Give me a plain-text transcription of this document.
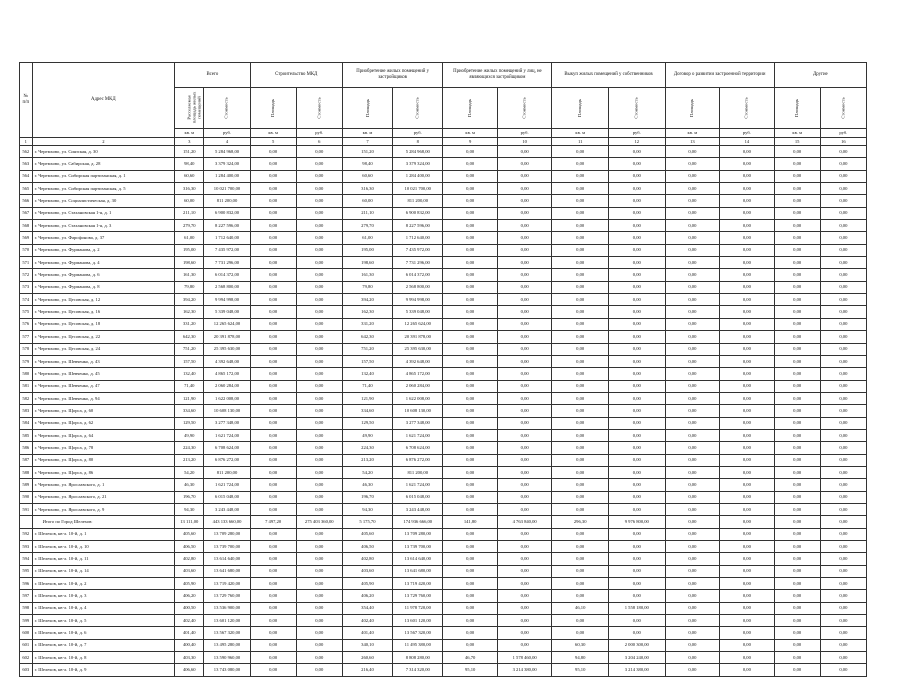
№ п/п	Адрес МКД	Всего		Строительство МКД		Приобретение жилых помещений у застройщиков		Приобретение жилых помещений у лиц, не являющихся застройщиком		Выкуп жилых помещений у собственников		Договор о развитии застроенной территории		Другие	
		Расселяемая площадь жилых помещений	Стоимость	Площадь	Стоимость	Площадь	Стоимость	Площадь	Стоимость	Площадь	Стоимость	Площадь	Стоимость	Площадь	Стоимость
		кв. м	руб.	кв. м	руб.	кв. м	руб.	кв. м	руб.	кв. м	руб.	кв. м	руб.	кв. м	руб.
1	2	3	4	5	6	7	8	9	10	11	12	13	14	15	16
562	г. Черемхово, ул. Сиязская, д. 30	151,20	5 284 968,00	0,00	0,00	151,20	5 284 968,00	0,00	0,00	0,00	0,00	0,00	0,00	0,00	0,00
563	г. Черемхово, ул. Сабирская, д. 28	98,40	3 379 324,00	0,00	0,00	98,40	3 379 324,00	0,00	0,00	0,00	0,00	0,00	0,00	0,00	0,00
564	г. Черемхово, ул. Сибирская партизанская, д. 1	60,60	1 284 400,00	0,00	0,00	60,60	1 284 400,00	0,00	0,00	0,00	0,00	0,00	0,00	0,00	0,00
565	г. Черемхово, ул. Сибирская партизанская, д. 5	316,30	10 021 700,00	0,00	0,00	316,30	10 021 700,00	0,00	0,00	0,00	0,00	0,00	0,00	0,00	0,00
566	г. Черемхово, ул. Социалистическая, д. 30	60,00	811 200,00	0,00	0,00	60,00	811 200,00	0,00	0,00	0,00	0,00	0,00	0,00	0,00	0,00
567	г. Черемхово, ул. Стахановская 1-я, д. 1	211,10	6 900 832,00	0,00	0,00	211,10	6 900 832,00	0,00	0,00	0,00	0,00	0,00	0,00	0,00	0,00
568	г. Черемхово, ул. Стахановская 1-я, д. 3	279,70	8 227 596,00	0,00	0,00	279,70	8 227 596,00	0,00	0,00	0,00	0,00	0,00	0,00	0,00	0,00
569	г. Черемхово, ул. Фарофонова, д. 37	61,00	1 712 640,00	0,00	0,00	61,00	1 712 640,00	0,00	0,00	0,00	0,00	0,00	0,00	0,00	0,00
570	г. Черемхово, ул. Фурманова, д. 2	195,00	7 435 972,00	0,00	0,00	195,00	7 435 972,00	0,00	0,00	0,00	0,00	0,00	0,00	0,00	0,00
571	г. Черемхово, ул. Фурманова, д. 4	198,60	7 731 296,00	0,00	0,00	198,60	7 731 296,00	0,00	0,00	0,00	0,00	0,00	0,00	0,00	0,00
572	г. Черемхово, ул. Фурманова, д. 6	161,30	6 014 372,00	0,00	0,00	161,30	6 014 372,00	0,00	0,00	0,00	0,00	0,00	0,00	0,00	0,00
573	г. Черемхово, ул. Фурманова, д. 8	79,80	2 568 800,00	0,00	0,00	79,80	2 568 800,00	0,00	0,00	0,00	0,00	0,00	0,00	0,00	0,00
574	г. Черемхово, ул. Цесовская, д. 12	394,20	9 994 998,00	0,00	0,00	394,20	9 994 998,00	0,00	0,00	0,00	0,00	0,00	0,00	0,00	0,00
575	г. Черемхово, ул. Цесовская, д. 16	162,30	5 339 048,00	0,00	0,00	162,30	5 339 048,00	0,00	0,00	0,00	0,00	0,00	0,00	0,00	0,00
576	г. Черемхово, ул. Цесовская, д. 18	331,20	12 265 624,00	0,00	0,00	331,20	12 265 624,00	0,00	0,00	0,00	0,00	0,00	0,00	0,00	0,00
577	г. Черемхово, ул. Цесовская, д. 22	642,30	20 391 878,00	0,00	0,00	642,30	20 391 878,00	0,00	0,00	0,00	0,00	0,00	0,00	0,00	0,00
578	г. Черемхово, ул. Цесовская, д. 24	751,20	25 395 630,00	0,00	0,00	751,20	25 395 630,00	0,00	0,00	0,00	0,00	0,00	0,00	0,00	0,00
579	г. Черемхово, ул. Шевченко, д. 43	157,50	4 392 648,00	0,00	0,00	157,50	4 392 648,00	0,00	0,00	0,00	0,00	0,00	0,00	0,00	0,00
580	г. Черемхово, ул. Шевченко, д. 45	132,40	4 865 172,00	0,00	0,00	132,40	4 865 172,00	0,00	0,00	0,00	0,00	0,00	0,00	0,00	0,00
581	г. Черемхово, ул. Шевченко, д. 47	71,40	2 060 284,00	0,00	0,00	71,40	2 060 284,00	0,00	0,00	0,00	0,00	0,00	0,00	0,00	0,00
582	г. Черемхово, ул. Шевченко, д. 94	121,90	1 622 008,00	0,00	0,00	121,90	1 622 008,00	0,00	0,00	0,00	0,00	0,00	0,00	0,00	0,00
583	г. Черемхово, ул. Щорса, д. 60	334,60	10 608 130,00	0,00	0,00	334,60	10 608 130,00	0,00	0,00	0,00	0,00	0,00	0,00	0,00	0,00
584	г. Черемхово, ул. Щорса, д. 62	129,50	3 277 348,00	0,00	0,00	129,50	3 277 348,00	0,00	0,00	0,00	0,00	0,00	0,00	0,00	0,00
585	г. Черемхово, ул. Щорса, д. 64	49,90	1 621 724,00	0,00	0,00	49,90	1 621 724,00	0,00	0,00	0,00	0,00	0,00	0,00	0,00	0,00
586	г. Черемхово, ул. Щорса, д. 78	224,30	6 708 624,00	0,00	0,00	224,30	6 708 624,00	0,00	0,00	0,00	0,00	0,00	0,00	0,00	0,00
587	г. Черемхово, ул. Щорса, д. 80	213,20	6 876 272,00	0,00	0,00	213,20	6 876 272,00	0,00	0,00	0,00	0,00	0,00	0,00	0,00	0,00
588	г. Черемхово, ул. Щорса, д. 86	54,20	811 200,00	0,00	0,00	54,20	811 200,00	0,00	0,00	0,00	0,00	0,00	0,00	0,00	0,00
589	г. Черемхово, ул. Ярославского, д. 1	46,30	1 621 724,00	0,00	0,00	46,30	1 621 724,00	0,00	0,00	0,00	0,00	0,00	0,00	0,00	0,00
590	г. Черемхово, ул. Ярославского, д. 21	196,70	6 015 048,00	0,00	0,00	196,70	6 015 048,00	0,00	0,00	0,00	0,00	0,00	0,00	0,00	0,00
591	г. Черемхово, ул. Ярославского, д. 9	94,30	3 243 448,00	0,00	0,00	94,30	3 243 448,00	0,00	0,00	0,00	0,00	0,00	0,00	0,00	0,00
	Итого по Город Шелехов:	13 111,00	443 133 660,00	7 497,20	275 403 360,00	5 175,70	174 936 666,00	141,80	4 763 840,00	296,30	9 976 800,00	0,00	0,00	0,00	0,00
592	г. Шелехов, кв-л. 10-й, д. 1	405,60	13 709 280,00	0,00	0,00	405,60	13 709 280,00	0,00	0,00	0,00	0,00	0,00	0,00	0,00	0,00
593	г. Шелехов, кв-л. 10-й, д. 10	406,50	13 739 700,00	0,00	0,00	406,50	13 739 700,00	0,00	0,00	0,00	0,00	0,00	0,00	0,00	0,00
594	г. Шелехов, кв-л. 10-й, д. 11	402,80	13 614 640,00	0,00	0,00	402,80	13 614 640,00	0,00	0,00	0,00	0,00	0,00	0,00	0,00	0,00
595	г. Шелехов, кв-л. 10-й, д. 14	403,60	13 641 680,00	0,00	0,00	403,60	13 641 680,00	0,00	0,00	0,00	0,00	0,00	0,00	0,00	0,00
596	г. Шелехов, кв-л. 10-й, д. 2	405,90	13 719 420,00	0,00	0,00	405,90	13 719 420,00	0,00	0,00	0,00	0,00	0,00	0,00	0,00	0,00
597	г. Шелехов, кв-л. 10-й, д. 3	406,20	13 729 760,00	0,00	0,00	406,20	13 729 760,00	0,00	0,00	0,00	0,00	0,00	0,00	0,00	0,00
598	г. Шелехов, кв-л. 10-й, д. 4	400,50	13 536 900,00	0,00	0,00	354,40	11 978 720,00	0,00	0,00	46,10	1 558 180,00	0,00	0,00	0,00	0,00
599	г. Шелехов, кв-л. 10-й, д. 5	402,40	13 601 120,00	0,00	0,00	402,40	13 601 120,00	0,00	0,00	0,00	0,00	0,00	0,00	0,00	0,00
600	г. Шелехов, кв-л. 10-й, д. 6	401,40	13 567 320,00	0,00	0,00	401,40	13 567 320,00	0,00	0,00	0,00	0,00	0,00	0,00	0,00	0,00
601	г. Шелехов, кв-л. 10-й, д. 7	400,40	13 495 280,00	0,00	0,00	340,10	11 495 380,00	0,00	0,00	60,30	2 000 300,00	0,00	0,00	0,00	0,00
602	г. Шелехов, кв-л. 10-й, д. 8	403,30	13 590 960,00	0,00	0,00	260,60	8 808 280,00	46,70	1 578 460,00	94,80	3 204 240,00	0,00	0,00	0,00	0,00
603	г. Шелехов, кв-л. 10-й, д. 9	406,60	13 743 080,00	0,00	0,00	216,40	7 314 320,00	95,10	3 214 380,00	95,10	3 214 380,00	0,00	0,00	0,00	0,00
